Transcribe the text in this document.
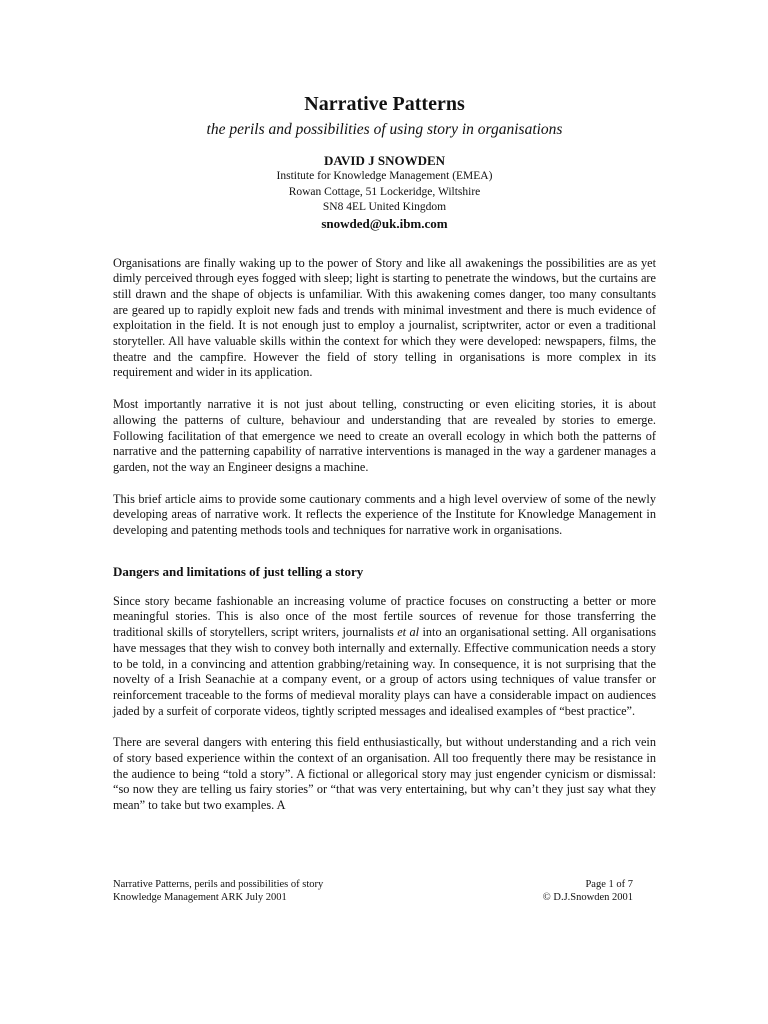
Narrative Patterns

the perils and possibilities of using story in organisations

DAVID J SNOWDEN

Institute for Knowledge Management (EMEA)
Rowan Cottage, 51 Lockeridge, Wiltshire
SN8 4EL United Kingdom
snowded@uk.ibm.com

Organisations are finally waking up to the power of Story and like all awakenings the possibilities are as yet dimly perceived through eyes fogged with sleep; light is starting to penetrate the windows, but the curtains are still drawn and the shape of objects is unfamiliar. With this awakening comes danger, too many consultants are geared up to rapidly exploit new fads and trends with minimal investment and there is much evidence of exploitation in the field. It is not enough just to employ a journalist, scriptwriter, actor or even a traditional storyteller. All have valuable skills within the context for which they were developed: newspapers, films, the theatre and the campfire. However the field of story telling in organisations is more complex in its requirement and wider in its application.

Most importantly narrative it is not just about telling, constructing or even eliciting stories, it is about allowing the patterns of culture, behaviour and understanding that are revealed by stories to emerge. Following facilitation of that emergence we need to create an overall ecology in which both the patterns of narrative and the patterning capability of narrative interventions is managed in the way a gardener manages a garden, not the way an Engineer designs a machine.

This brief article aims to provide some cautionary comments and a high level overview of some of the newly developing areas of narrative work. It reflects the experience of the Institute for Knowledge Management in developing and patenting methods tools and techniques for narrative work in organisations.

Dangers and limitations of just telling a story

Since story became fashionable an increasing volume of practice focuses on constructing a better or more meaningful stories. This is also once of the most fertile sources of revenue for those transferring the traditional skills of storytellers, script writers, journalists et al into an organisational setting. All organisations have messages that they wish to convey both internally and externally. Effective communication needs a story to be told, in a convincing and attention grabbing/retaining way. In consequence, it is not surprising that the novelty of a Irish Seanachie at a company event, or a group of actors using techniques of value transfer or reinforcement traceable to the forms of medieval morality plays can have a considerable impact on audiences jaded by a surfeit of corporate videos, tightly scripted messages and idealised examples of “best practice”.

There are several dangers with entering this field enthusiastically, but without understanding and a rich vein of story based experience within the context of an organisation. All too frequently there may be resistance in the audience to being “told a story”. A fictional or allegorical story may just engender cynicism or dismissal: “so now they are telling us fairy stories” or “that was very entertaining, but why can’t they just say what they mean” to take but two examples. A

Narrative Patterns, perils and possibilities of story	Page 1 of 7
Knowledge Management ARK July 2001	© D.J.Snowden 2001
